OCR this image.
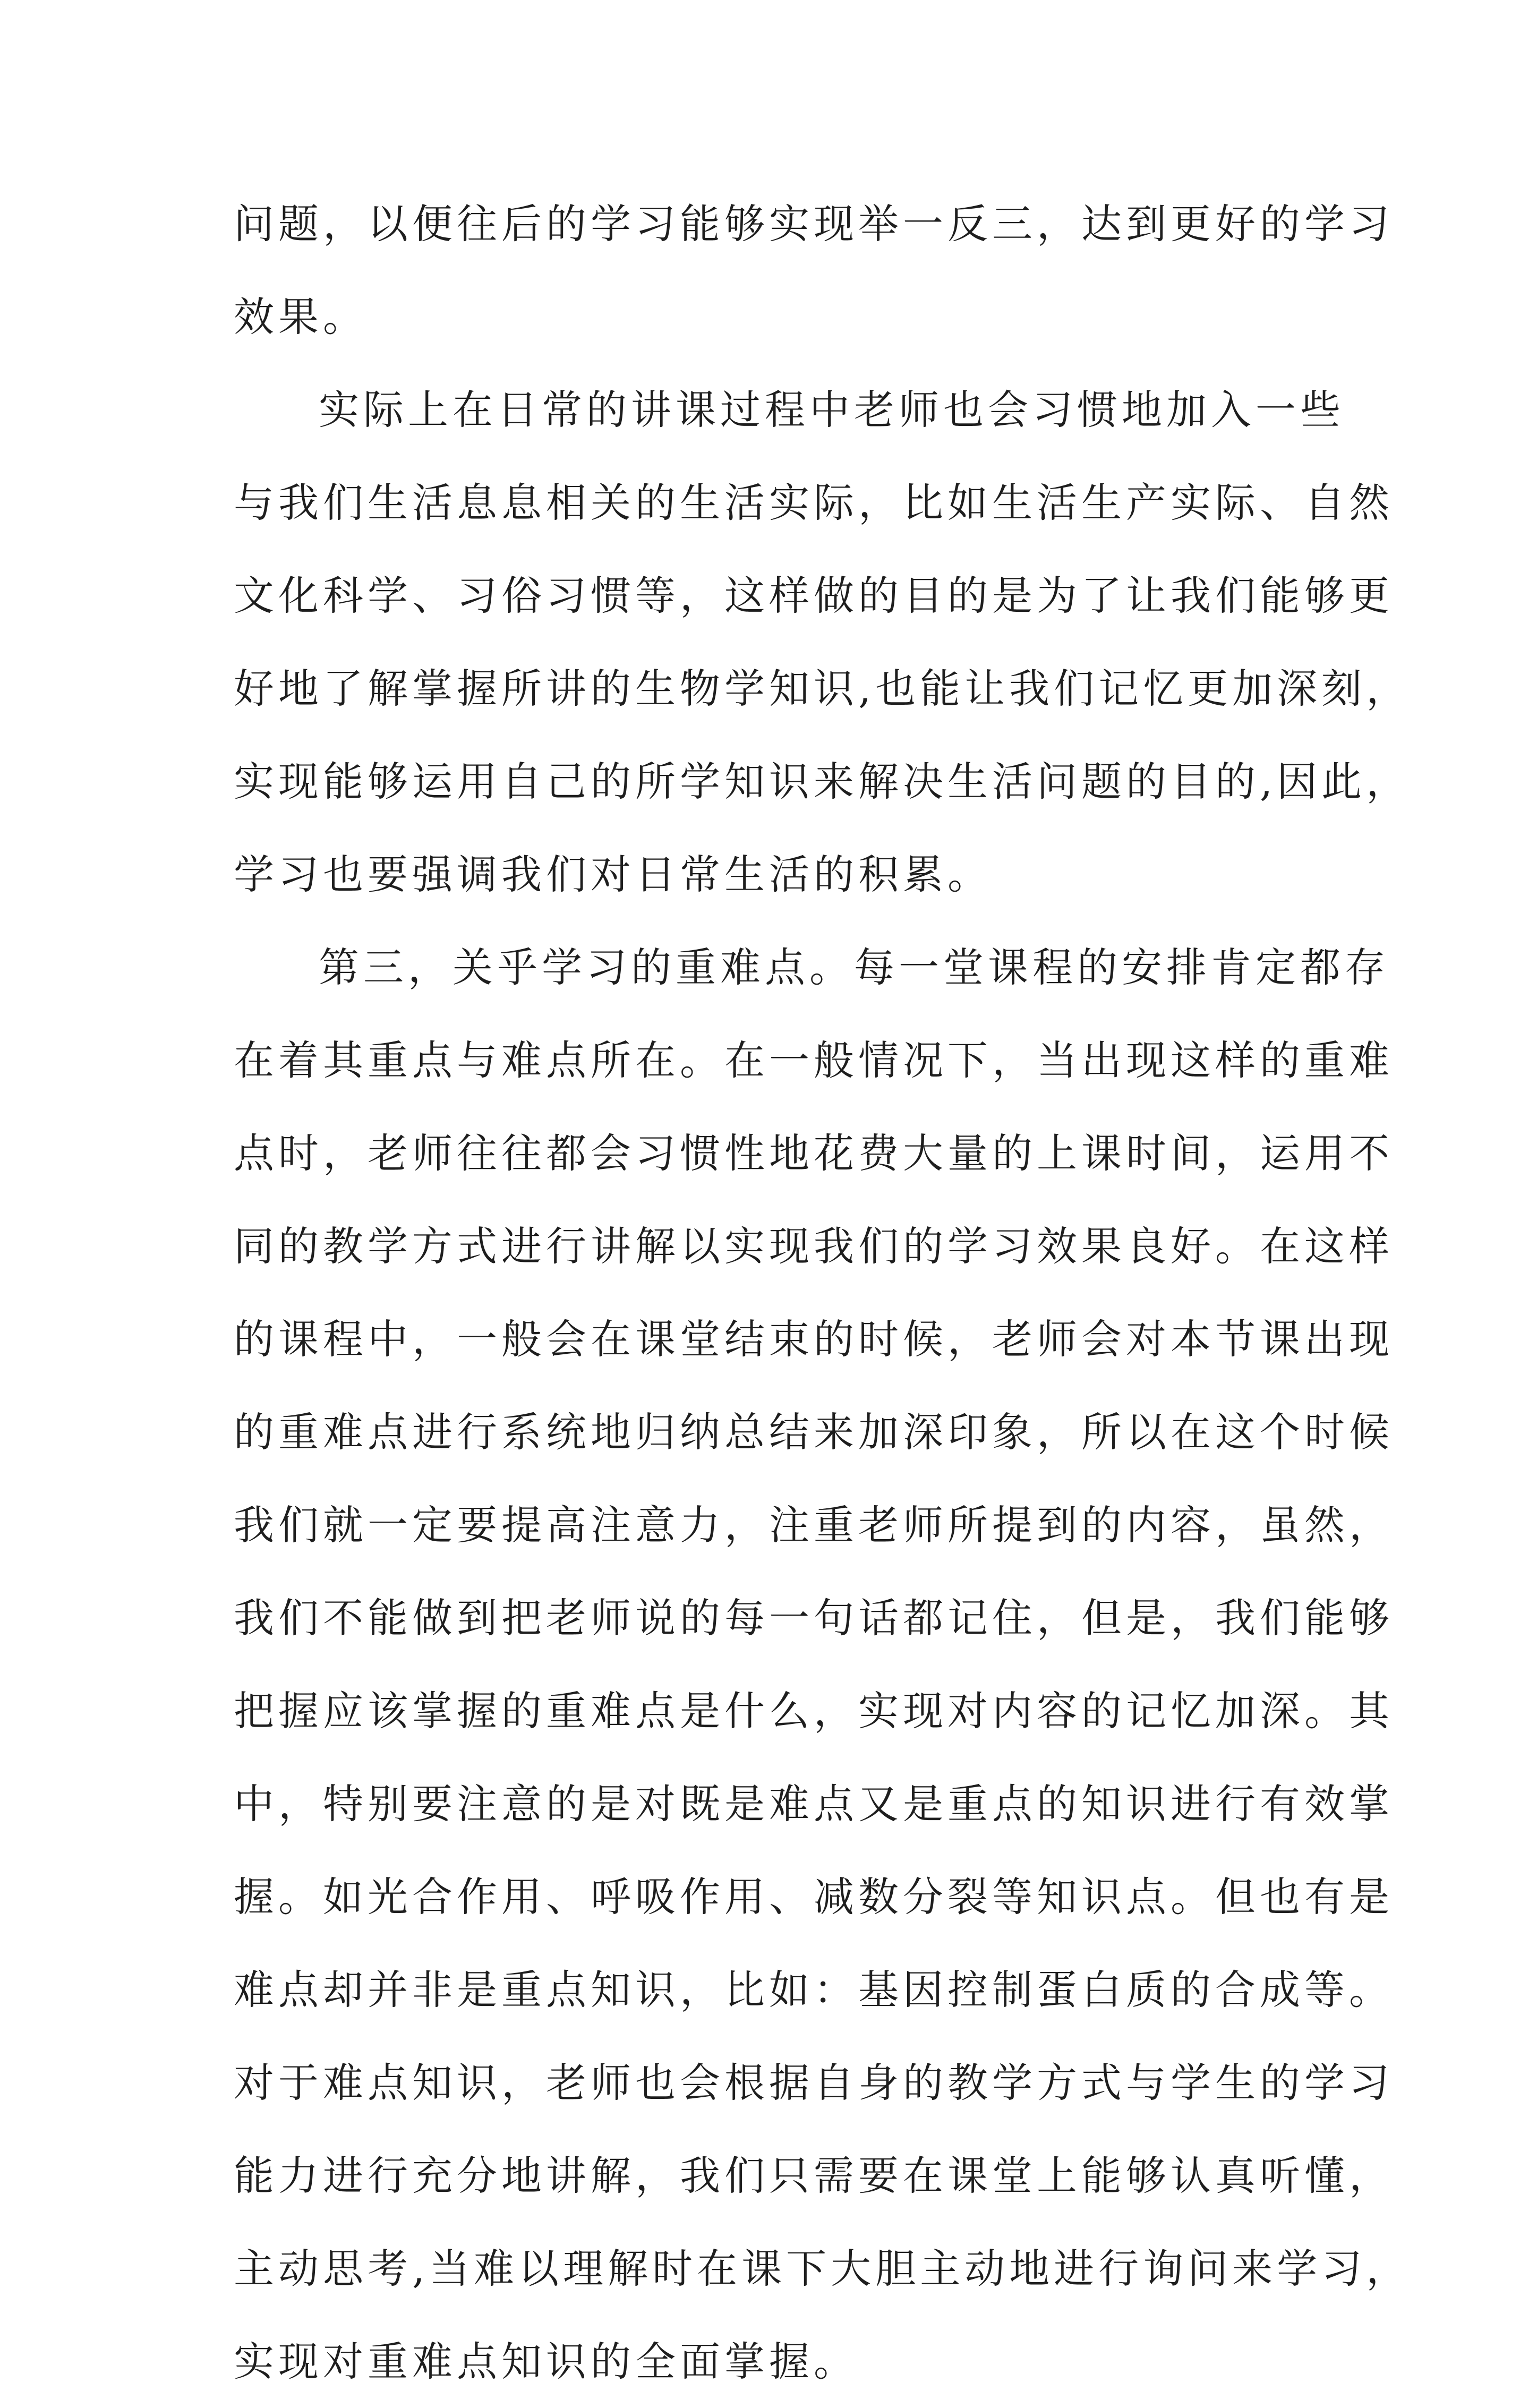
问题，以便往后的学习能够实现举一反三，达到更好的学习
效果。
实际上在日常的讲课过程中老师也会习惯地加入一些
与我们生活息息相关的生活实际，比如生活生产实际、自然
文化科学、习俗习惯等，这样做的目的是为了让我们能够更
好地了解掌握所讲的生物学知识,也能让我们记忆更加深刻，
实现能够运用自己的所学知识来解决生活问题的目的,因此，
学习也要强调我们对日常生活的积累。
第三，关乎学习的重难点。每一堂课程的安排肯定都存
在着其重点与难点所在。在一般情况下，当出现这样的重难
点时，老师往往都会习惯性地花费大量的上课时间，运用不
同的教学方式进行讲解以实现我们的学习效果良好。在这样
的课程中，一般会在课堂结束的时候，老师会对本节课出现
的重难点进行系统地归纳总结来加深印象，所以在这个时候
我们就一定要提高注意力，注重老师所提到的内容，虽然，
我们不能做到把老师说的每一句话都记住，但是，我们能够
把握应该掌握的重难点是什么，实现对内容的记忆加深。其
中，特别要注意的是对既是难点又是重点的知识进行有效掌
握。如光合作用、呼吸作用、减数分裂等知识点。但也有是
难点却并非是重点知识，比如：基因控制蛋白质的合成等。
对于难点知识，老师也会根据自身的教学方式与学生的学习
能力进行充分地讲解，我们只需要在课堂上能够认真听懂，
主动思考,当难以理解时在课下大胆主动地进行询问来学习，
实现对重难点知识的全面掌握。
